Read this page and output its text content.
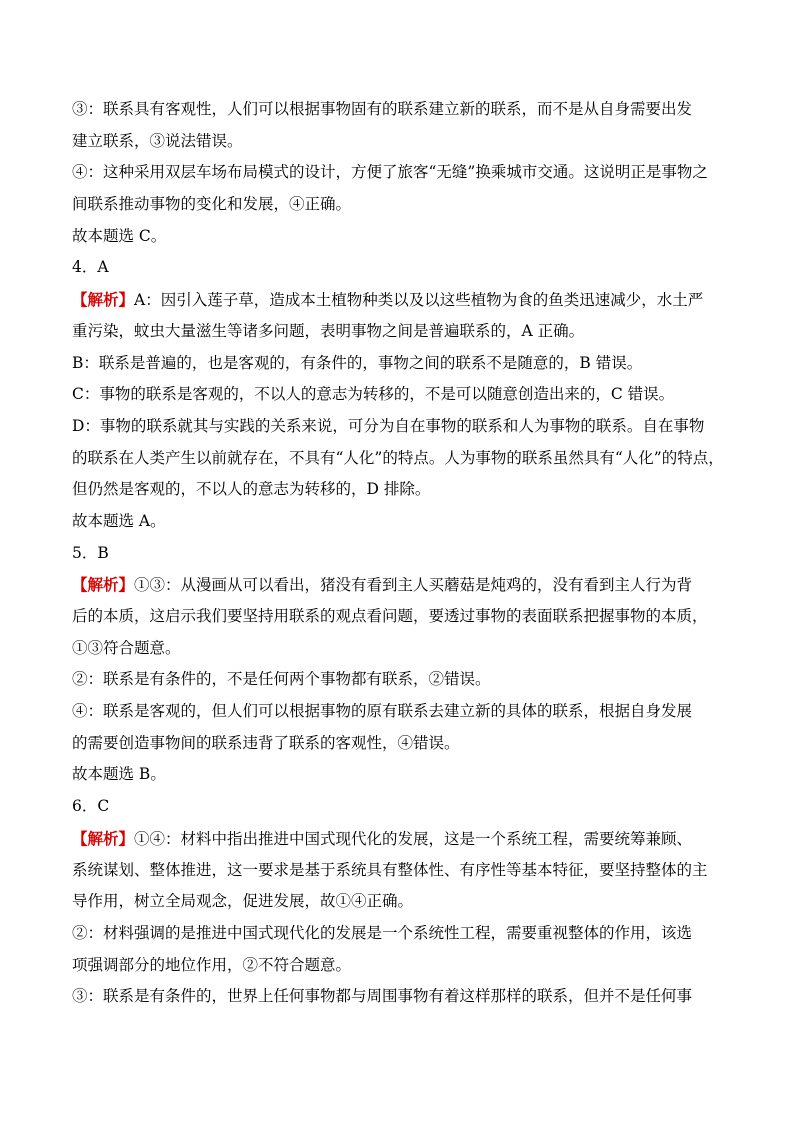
③：联系具有客观性，人们可以根据事物固有的联系建立新的联系，而不是从自身需要出发
建立联系，③说法错误。
④：这种采用双层车场布局模式的设计，方便了旅客“无缝”换乘城市交通。这说明正是事物之
间联系推动事物的变化和发展，④正确。
故本题选 C。
4．A
【解析】A：因引入莲子草，造成本土植物种类以及以这些植物为食的鱼类迅速减少，水土严
重污染，蚊虫大量滋生等诸多问题，表明事物之间是普遍联系的，A 正确。
B：联系是普遍的，也是客观的，有条件的，事物之间的联系不是随意的，B 错误。
C：事物的联系是客观的，不以人的意志为转移的，不是可以随意创造出来的，C 错误。
D：事物的联系就其与实践的关系来说，可分为自在事物的联系和人为事物的联系。自在事物
的联系在人类产生以前就存在，不具有“人化”的特点。人为事物的联系虽然具有“人化”的特点，
但仍然是客观的，不以人的意志为转移的，D 排除。
故本题选 A。
5．B
【解析】①③：从漫画从可以看出，猪没有看到主人买蘑菇是炖鸡的，没有看到主人行为背
后的本质，这启示我们要坚持用联系的观点看问题，要透过事物的表面联系把握事物的本质，
①③符合题意。
②：联系是有条件的，不是任何两个事物都有联系，②错误。
④：联系是客观的，但人们可以根据事物的原有联系去建立新的具体的联系，根据自身发展
的需要创造事物间的联系违背了联系的客观性，④错误。
故本题选 B。
6．C
【解析】①④：材料中指出推进中国式现代化的发展，这是一个系统工程，需要统筹兼顾、
系统谋划、整体推进，这一要求是基于系统具有整体性、有序性等基本特征，要坚持整体的主
导作用，树立全局观念，促进发展，故①④正确。
②：材料强调的是推进中国式现代化的发展是一个系统性工程，需要重视整体的作用，该选
项强调部分的地位作用，②不符合题意。
③：联系是有条件的，世界上任何事物都与周围事物有着这样那样的联系，但并不是任何事
